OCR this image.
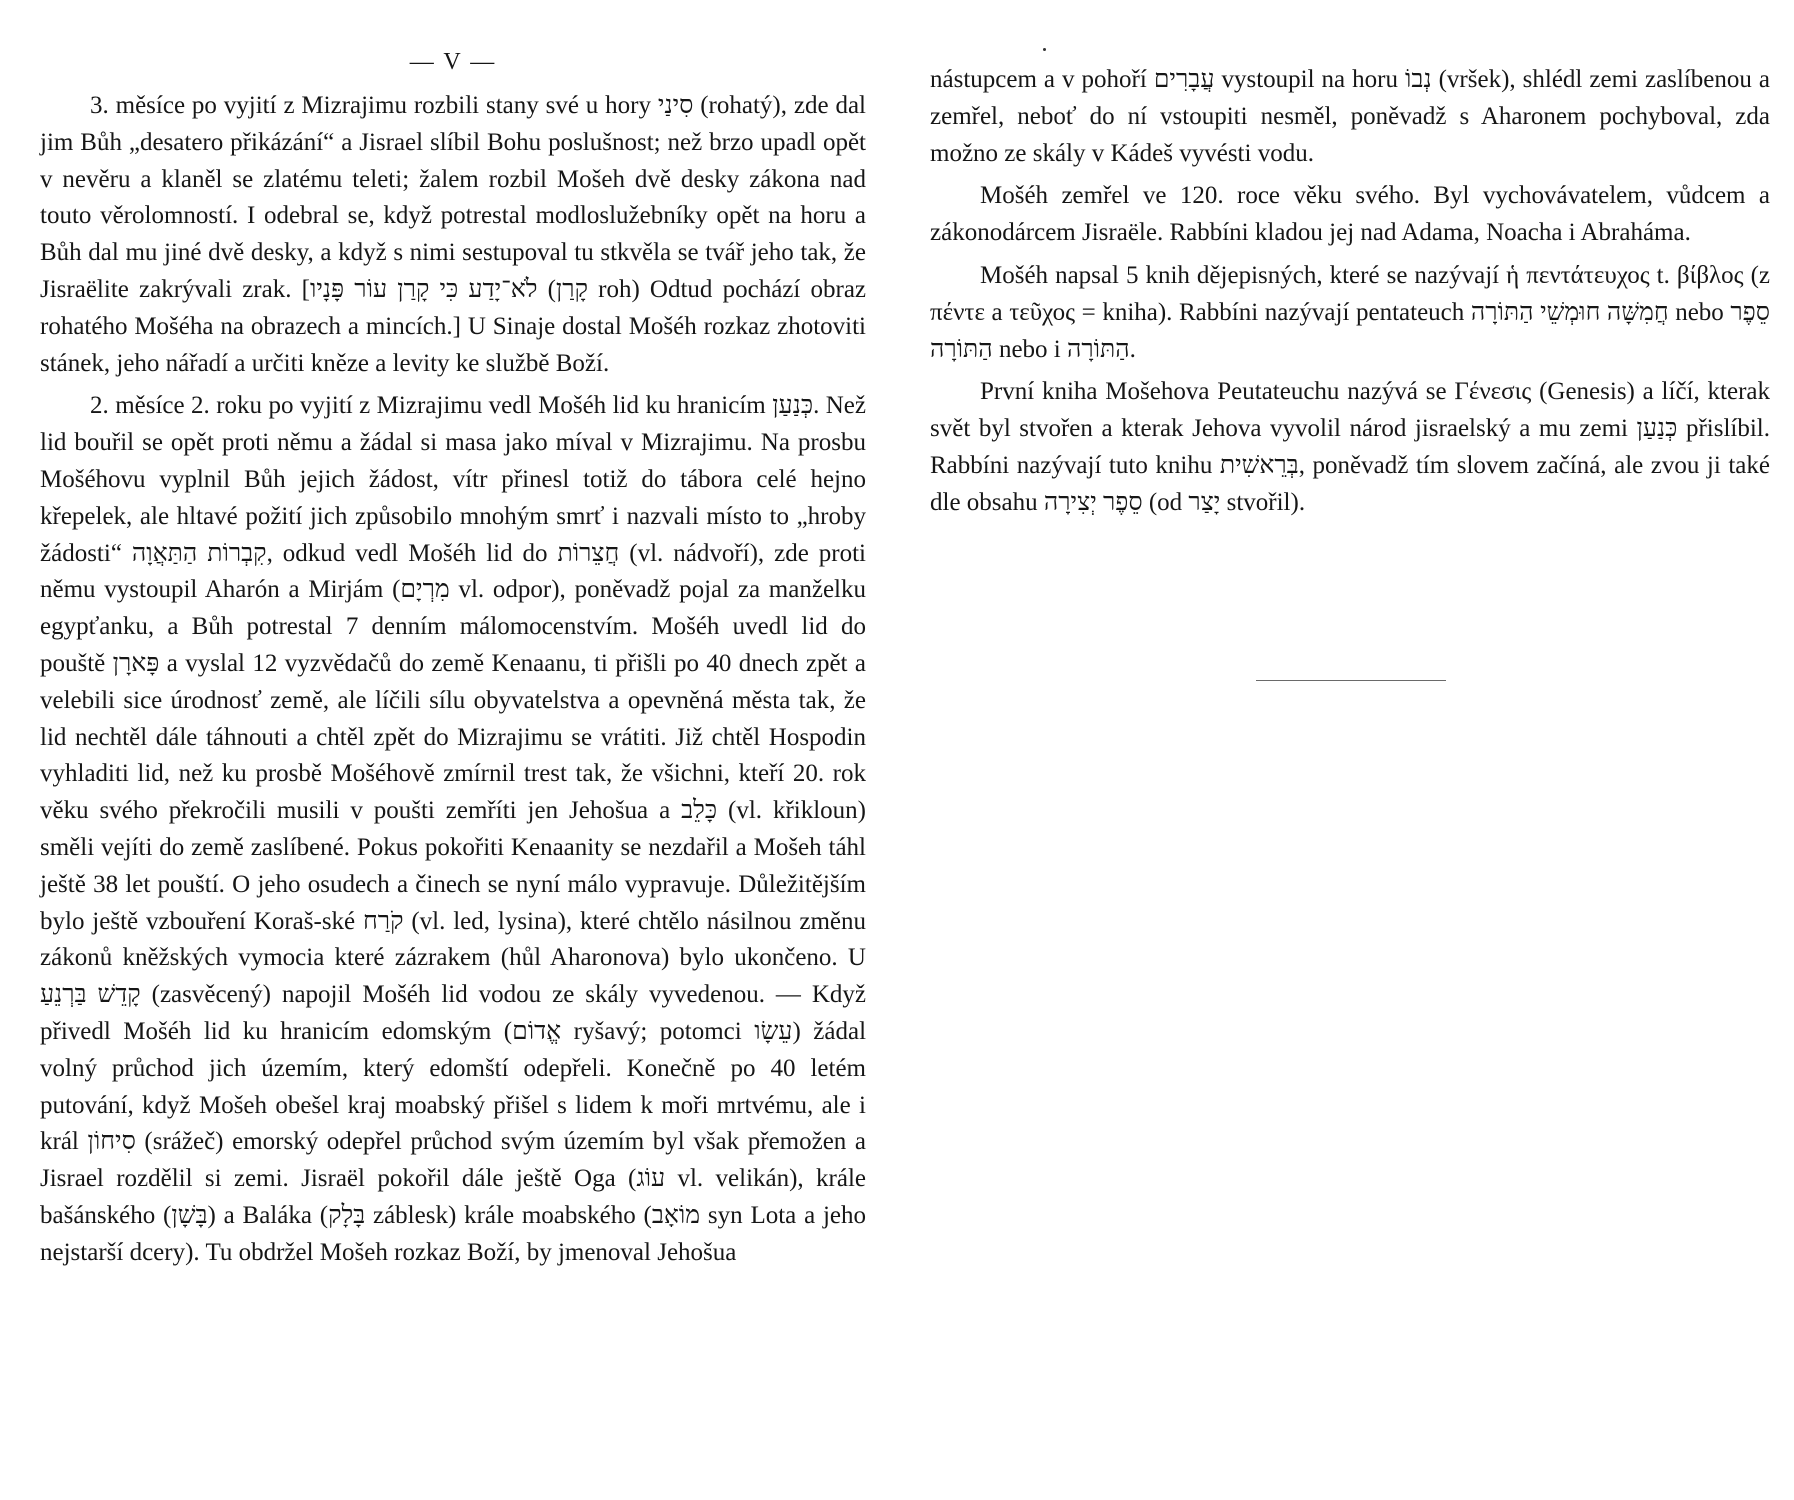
— V —

3. měsíce po vyjití z Mizrajimu rozbili stany své u hory סִינַי (rohatý), zde dal jim Bůh „desatero přikázání“ a Jisrael slíbil Bohu poslušnost; než brzo upadl opět v nevěru a klaněl se zlatému teleti; žalem rozbil Mošeh dvě desky zákona nad touto věrolomností. I odebral se, když potrestal modloslužebníky opět na horu a Bůh dal mu jiné dvě desky, a když s nimi sestupoval tu stkvěla se tvář jeho tak, že Jisraëlite zakrývali zrak. [לֹא־יָדַע כִּי קָרַן עוֹר פָּנָיו (קָרַן roh) Odtud pochází obraz rohatého Mošéha na obrazech a mincích.] U Sinaje dostal Mošéh rozkaz zhotoviti stánek, jeho nářadí a určiti kněze a levity ke službě Boží.

2. měsíce 2. roku po vyjití z Mizrajimu vedl Mošéh lid ku hranicím כְּנַעַן. Než lid bouřil se opět proti němu a žádal si masa jako míval v Mizrajimu. Na prosbu Mošéhovu vyplnil Bůh jejich žádost, vítr přinesl totiž do tábora celé hejno křepelek, ale hltavé požití jich způsobilo mnohým smrť i nazvali místo to „hroby žádosti“ קִבְרוֹת הַתַּאֲוָה, odkud vedl Mošéh lid do חֲצֵרוֹת (vl. nádvoří), zde proti němu vystoupil Aharón a Mirjám (מִרְיָם vl. odpor), poněvadž pojal za manželku egypťanku, a Bůh potrestal 7 denním málomocenstvím. Mošéh uvedl lid do pouště פָּארָן a vyslal 12 vyzvědačů do země Kenaanu, ti přišli po 40 dnech zpět a velebili sice úrodnosť země, ale líčili sílu obyvatelstva a opevněná města tak, že lid nechtěl dále táhnouti a chtěl zpět do Mizrajimu se vrátiti. Již chtěl Hospodin vyhladiti lid, než ku prosbě Mošéhově zmírnil trest tak, že všichni, kteří 20. rok věku svého překročili musili v poušti zemříti jen Jehošua a כָּלֵב (vl. křikloun) směli vejíti do země zaslíbené. Pokus pokořiti Kenaanity se nezdařil a Mošeh táhl ještě 38 let pouští. O jeho osudech a činech se nyní málo vypravuje. Důležitějším bylo ještě vzbouření Koraš-ské קֹרַח (vl. led, lysina), které chtělo násilnou změnu zákonů kněžských vymocia které zázrakem (hůl Aharonova) bylo ukončeno. U קָדֵשׁ בַּרְנֵעַ (zasvěcený) napojil Mošéh lid vodou ze skály vyvedenou. — Když přivedl Mošéh lid ku hranicím edomským (אֱדוֹם ryšavý; potomci עֵשָׂו) žádal volný průchod jich územím, který edomští odepřeli. Konečně po 40 letém putování, když Mošeh obešel kraj moabský přišel s lidem k moři mrtvému, ale i král סִיחוֹן (srážeč) emorský odepřel průchod svým územím byl však přemožen a Jisrael rozdělil si zemi. Jisraël pokořil dále ještě Oga (עוֹג vl. velikán), krále bašánského (בָּשָׁן) a Baláka (בָּלָק záblesk) krále moabského (מוֹאָב syn Lota a jeho nejstarší dcery). Tu obdržel Mošeh rozkaz Boží, by jmenoval Jehošua

nástupcem a v pohoří עֲבָרִים vystoupil na horu נְבוֹ (vršek), shlédl zemi zaslíbenou a zemřel, neboť do ní vstoupiti nesměl, poněvadž s Aharonem pochyboval, zda možno ze skály v Kádeš vyvésti vodu.

Mošéh zemřel ve 120. roce věku svého. Byl vychovávatelem, vůdcem a zákonodárcem Jisraële. Rabbíni kladou jej nad Adama, Noacha i Abraháma.

Mošéh napsal 5 knih dějepisných, které se nazývají ἡ πεντάτευχος t. βίβλος (z πέντε a τεῦχος = kniha). Rabbíni nazývají pentateuch חֲמִשָּׁה חוּמְשֵׁי הַתּוֹרָה nebo סֵפֶר הַתּוֹרָה nebo i הַתּוֹרָה.

První kniha Mošehova Peutateuchu nazývá se Γένεσις (Genesis) a líčí, kterak svět byl stvořen a kterak Jehova vyvolil národ jisraelský a mu zemi כְּנַעַן přislíbil. Rabbíni nazývají tuto knihu בְּרֵאשִׁית, poněvadž tím slovem začíná, ale zvou ji také dle obsahu סֵפֶר יְצִירָה (od יָצַר stvořil).
